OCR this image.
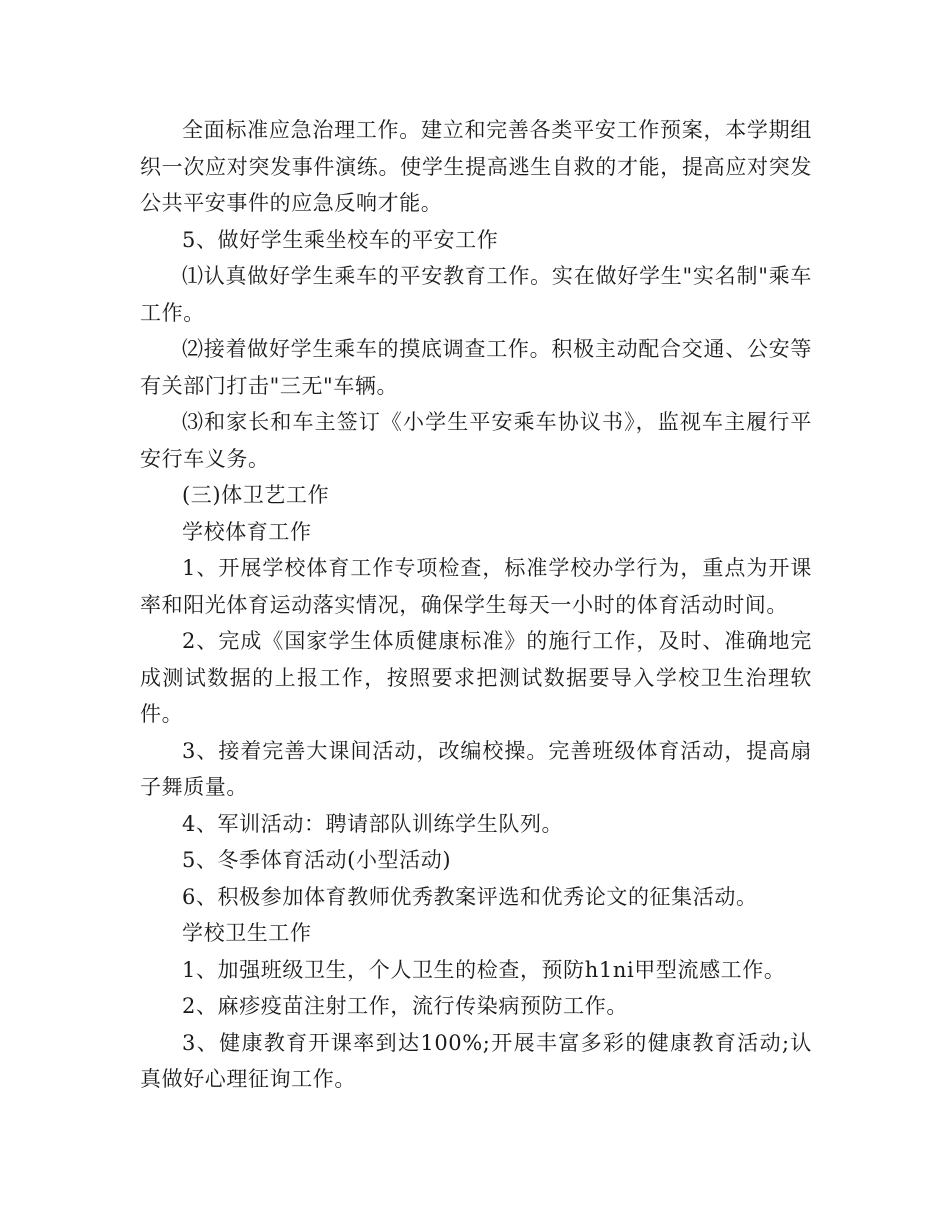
全面标准应急治理工作。建立和完善各类平安工作预案，本学期组织一次应对突发事件演练。使学生提高逃生自救的才能，提高应对突发公共平安事件的应急反响才能。

5、做好学生乘坐校车的平安工作

⑴认真做好学生乘车的平安教育工作。实在做好学生"实名制"乘车工作。

⑵接着做好学生乘车的摸底调查工作。积极主动配合交通、公安等有关部门打击"三无"车辆。

⑶和家长和车主签订《小学生平安乘车协议书》，监视车主履行平安行车义务。

(三)体卫艺工作

学校体育工作

1、开展学校体育工作专项检查，标准学校办学行为，重点为开课率和阳光体育运动落实情况，确保学生每天一小时的体育活动时间。

2、完成《国家学生体质健康标准》的施行工作，及时、准确地完成测试数据的上报工作，按照要求把测试数据要导入学校卫生治理软件。

3、接着完善大课间活动，改编校操。完善班级体育活动，提高扇子舞质量。

4、军训活动：聘请部队训练学生队列。

5、冬季体育活动(小型活动)

6、积极参加体育教师优秀教案评选和优秀论文的征集活动。

学校卫生工作

1、加强班级卫生，个人卫生的检查，预防h1ni甲型流感工作。

2、麻疹疫苗注射工作，流行传染病预防工作。

3、健康教育开课率到达100%;开展丰富多彩的健康教育活动;认真做好心理征询工作。
